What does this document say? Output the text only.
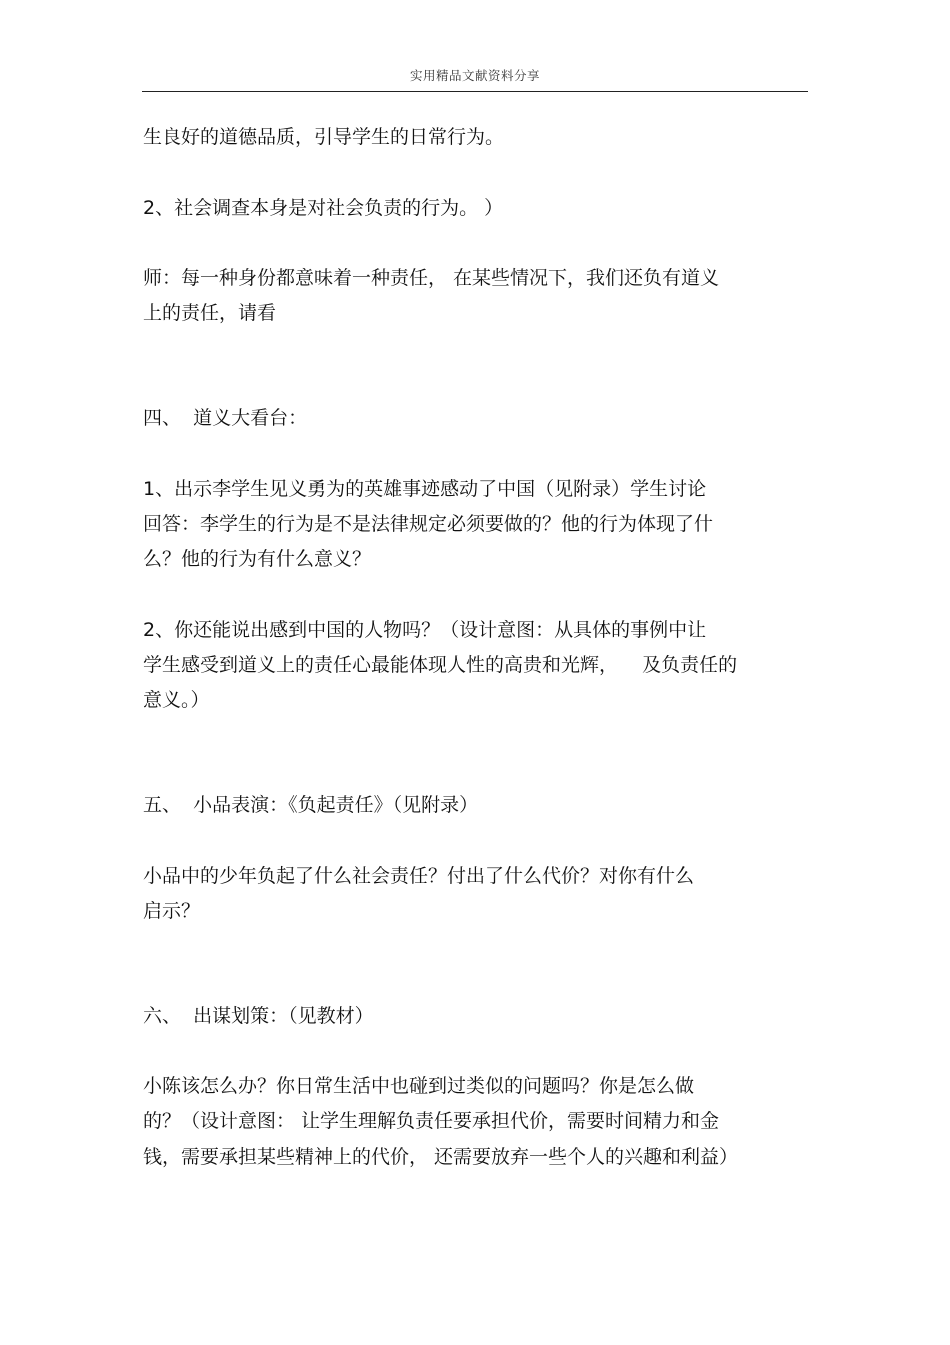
实用精品文献资料分享
生良好的道德品质，引导学生的日常行为。
2、社会调查本身是对社会负责的行为。 ）
师：每一种身份都意味着一种责任， 在某些情况下，我们还负有道义
上的责任，请看
四、  道义大看台：
1、出示李学生见义勇为的英雄事迹感动了中国（见附录）学生讨论
回答：李学生的行为是不是法律规定必须要做的？他的行为体现了什
么？他的行为有什么意义？
2、你还能说出感到中国的人物吗？（设计意图：从具体的事例中让
学生感受到道义上的责任心最能体现人性的高贵和光辉，    及负责任的
意义。）
五、  小品表演：《负起责任》（见附录）
小品中的少年负起了什么社会责任？付出了什么代价？对你有什么
启示？
六、  出谋划策：（见教材）
小陈该怎么办？你日常生活中也碰到过类似的问题吗？你是怎么做
的？（设计意图： 让学生理解负责任要承担代价，需要时间精力和金
钱，需要承担某些精神上的代价， 还需要放弃一些个人的兴趣和利益）
